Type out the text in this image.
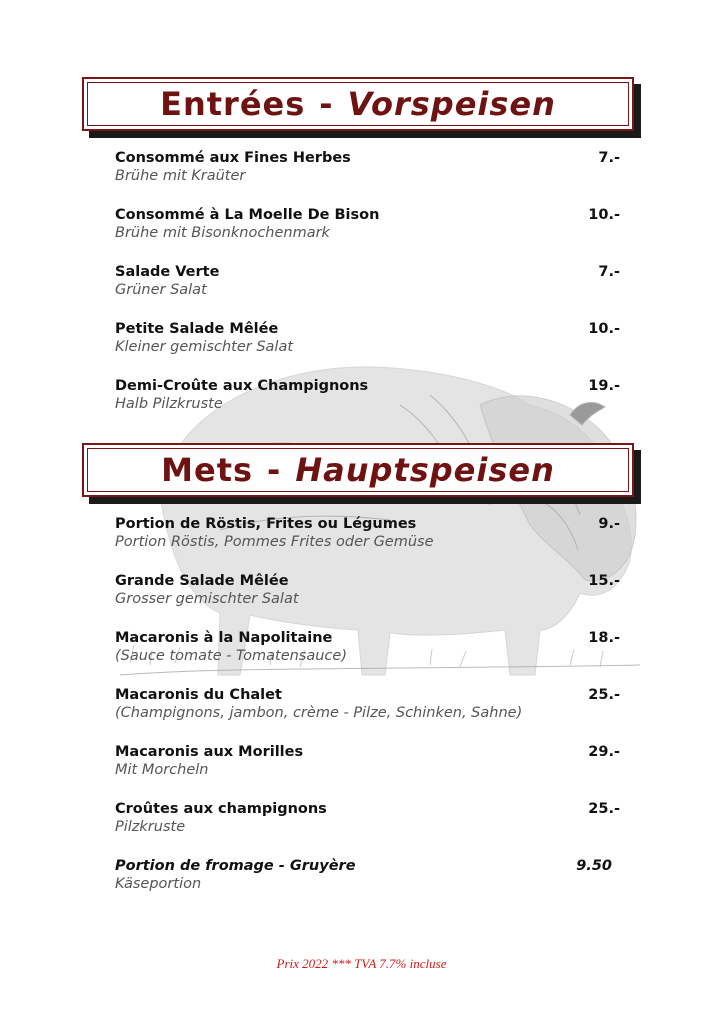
Entrées - Vorspeisen
Consommé aux Fines Herbes	7.-
Brühe mit Kraüter
Consommé à La Moelle De Bison	10.-
Brühe mit Bisonknochenmark
Salade Verte	7.-
Grüner Salat
Petite Salade Mêlée	10.-
Kleiner gemischter Salat
Demi-Croûte aux Champignons	19.-
Halb Pilzkruste
Mets - Hauptspeisen
Portion de Röstis, Frites ou Légumes	9.-
Portion Röstis, Pommes Frites oder Gemüse
Grande Salade Mêlée	15.-
Grosser gemischter Salat
Macaronis à la Napolitaine	18.-
(Sauce tomate - Tomatensauce)
Macaronis du Chalet	25.-
(Champignons, jambon, crème - Pilze, Schinken, Sahne)
Macaronis aux Morilles	29.-
Mit Morcheln
Croûtes aux champignons	25.-
Pilzkruste
Portion de fromage - Gruyère	9.50
Käseportion
Prix 2022 *** TVA 7.7% incluse
